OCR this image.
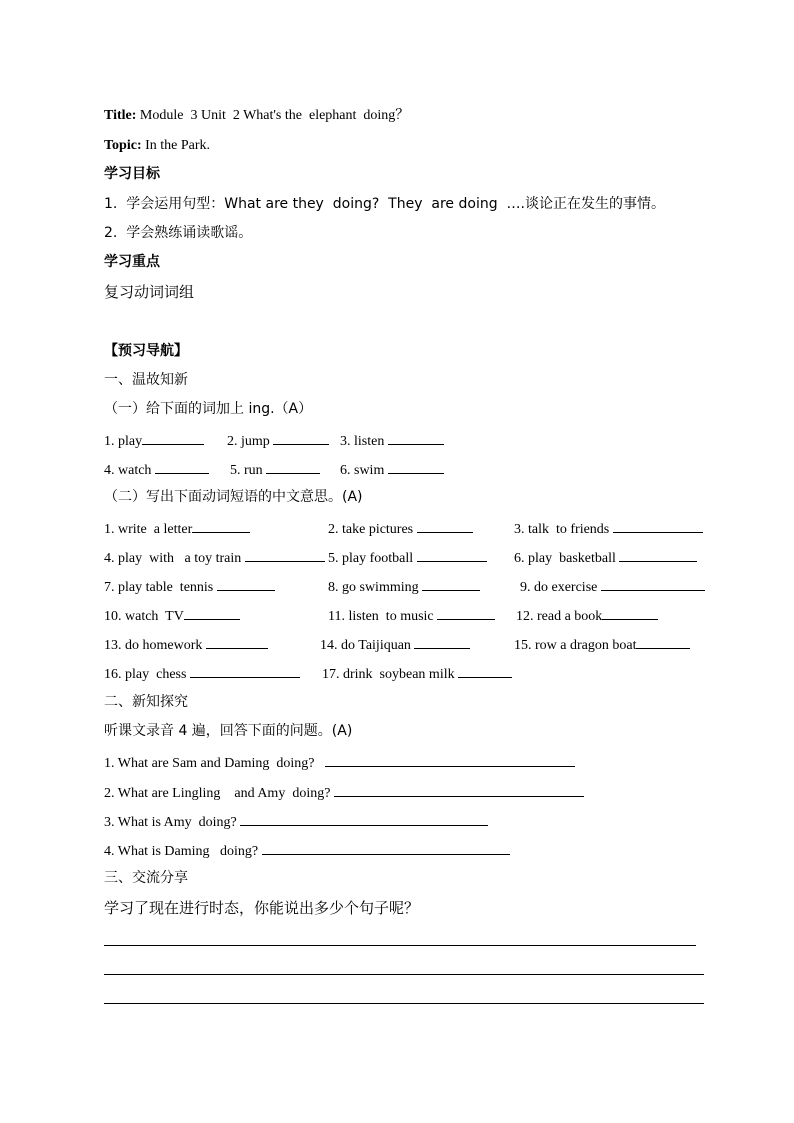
Title: Module  3 Unit  2 What's the  elephant  doing？
Topic: In the Park.
学习目标
1.  学会运用句型：What are they  doing?  They  are doing  ….谈论正在发生的事情。
2.  学会熟练诵读歌谣。
学习重点
复习动词词组
【预习导航】
一、温故知新
（一）给下面的词加上 ing.（A）
1. play	2. jump	3. listen
4. watch	5. run	6. swim
（二）写出下面动词短语的中文意思。(A)
1. write  a letter	2. take pictures	3. talk  to friends
4. play  with   a toy train	5. play football	6. play  basketball
7. play table  tennis	8. go swimming	9. do exercise
10. watch  TV	11. listen  to music	12. read a book
13. do homework	14. do Taijiquan	15. row a dragon boat
16. play  chess	17. drink  soybean milk
二、新知探究
听课文录音 4 遍，回答下面的问题。(A)
1. What are Sam and Daming  doing?
2. What are Lingling    and Amy  doing?
3. What is Amy  doing?
4. What is Daming   doing?
三、交流分享
学习了现在进行时态，你能说出多少个句子呢？
